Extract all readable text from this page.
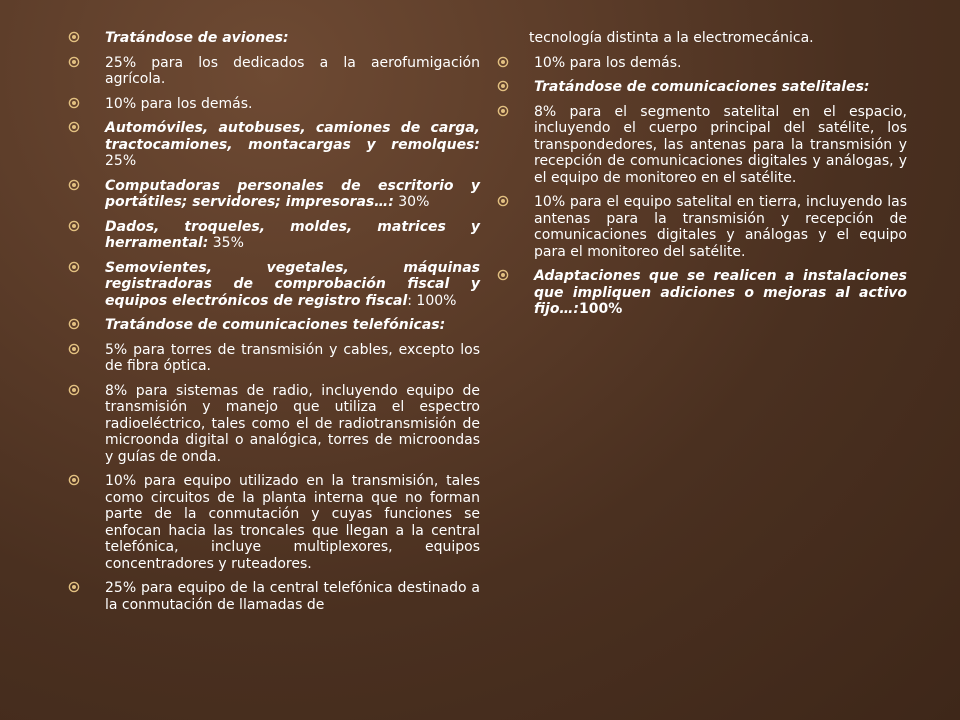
Tratándose de aviones:
25% para los dedicados a la aerofumigación agrícola.
10% para los demás.
Automóviles, autobuses, camiones de carga, tractocamiones, montacargas y remolques: 25%
Computadoras personales de escritorio y portátiles; servidores; impresoras…: 30%
Dados, troqueles, moldes, matrices y herramental: 35%
Semovientes, vegetales, máquinas registradoras de comprobación fiscal y equipos electrónicos de registro fiscal: 100%
Tratándose de comunicaciones telefónicas:
5% para torres de transmisión y cables, excepto los de fibra óptica.
8% para sistemas de radio, incluyendo equipo de transmisión y manejo que utiliza el espectro radioeléctrico, tales como el de radiotransmisión de microonda digital o analógica, torres de microondas y guías de onda.
10% para equipo utilizado en la transmisión, tales como circuitos de la planta interna que no forman parte de la conmutación y cuyas funciones se enfocan hacia las troncales que llegan a la central telefónica, incluye multiplexores, equipos concentradores y ruteadores.
25% para equipo de la central telefónica destinado a la conmutación de llamadas de
tecnología distinta a la electromecánica.
10% para los demás.
Tratándose de comunicaciones satelitales:
8% para el segmento satelital en el espacio, incluyendo el cuerpo principal del satélite, los transpondedores, las antenas para la transmisión y recepción de comunicaciones digitales y análogas, y el equipo de monitoreo en el satélite.
10% para el equipo satelital en tierra, incluyendo las antenas para la transmisión y recepción de comunicaciones digitales y análogas y el equipo para el monitoreo del satélite.
Adaptaciones que se realicen a instalaciones que impliquen adiciones o mejoras al activo fijo…:100%
